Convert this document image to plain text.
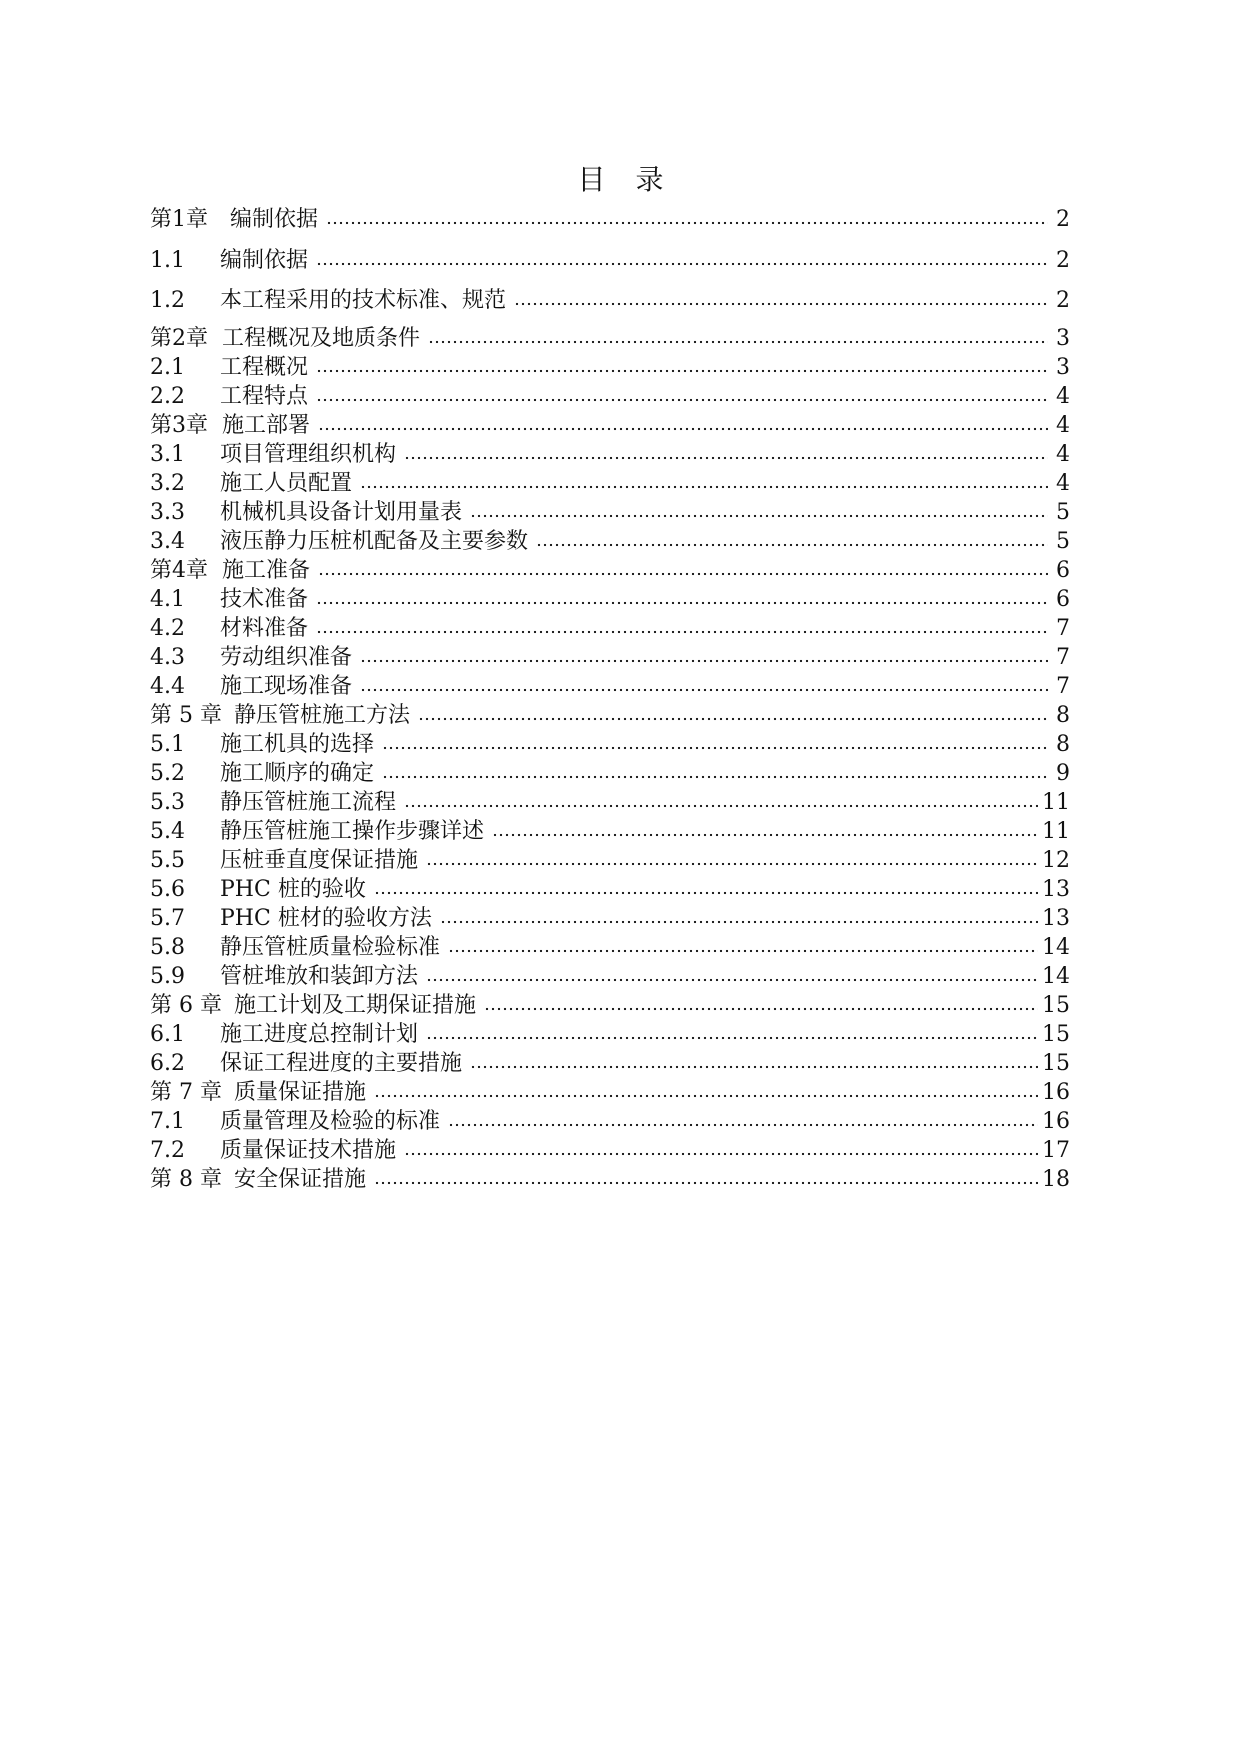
目 录
第1章	编制依据	2
1.1	编制依据	2
1.2	本工程采用的技术标准、规范	2
第2章 工程概况及地质条件	3
2.1	工程概况	3
2.2	工程特点	4
第3章 施工部署	4
3.1	项目管理组织机构	4
3.2	施工人员配置	4
3.3	机械机具设备计划用量表	5
3.4	液压静力压桩机配备及主要参数	5
第4章 施工准备	6
4.1	技术准备	6
4.2	材料准备	7
4.3	劳动组织准备	7
4.4	施工现场准备	7
第 5 章 静压管桩施工方法	8
5.1	施工机具的选择	8
5.2	施工顺序的确定	9
5.3	静压管桩施工流程	11
5.4	静压管桩施工操作步骤详述	11
5.5	压桩垂直度保证措施	12
5.6	PHC 桩的验收	13
5.7	PHC 桩材的验收方法	13
5.8	静压管桩质量检验标准	14
5.9	管桩堆放和装卸方法	14
第 6 章 施工计划及工期保证措施	15
6.1	施工进度总控制计划	15
6.2	保证工程进度的主要措施	15
第 7 章 质量保证措施	16
7.1	质量管理及检验的标准	16
7.2	质量保证技术措施	17
第 8 章 安全保证措施	18
